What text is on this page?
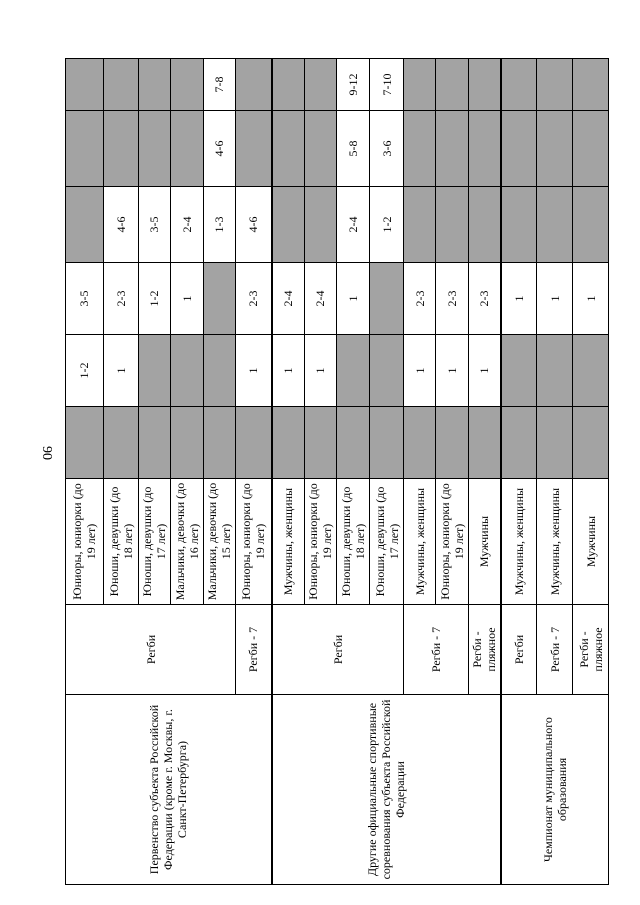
90
Первенство субъекта Российской Федерации (кроме г. Москвы, г. Санкт-Петербурга)	Регби	Юниоры, юниорки (до 19 лет)		1-2	3-5			
		Юноши, девушки (до 18 лет)		1	2-3	4-6		
		Юноши, девушки (до 17 лет)			1-2	3-5		
		Мальчики, девочки (до 16 лет)			1	2-4		
		Мальчики, девочки (до 15 лет)				1-3	4-6	7-8
	Регби - 7	Юниоры, юниорки (до 19 лет)		1	2-3	4-6		
Другие официальные спортивные соревнования субъекта Российской Федерации	Регби	Мужчины, женщины		1	2-4			
		Юниоры, юниорки (до 19 лет)		1	2-4			
		Юноши, девушки (до 18 лет)			1	2-4	5-8	9-12
		Юноши, девушки (до 17 лет)				1-2	3-6	7-10
	Регби - 7	Мужчины, женщины		1	2-3			
		Юниоры, юниорки (до 19 лет)		1	2-3			
	Регби - пляжное	Мужчины		1	2-3			
Чемпионат муниципального образования	Регби	Мужчины, женщины			1			
	Регби - 7	Мужчины, женщины			1			
	Регби - пляжное	Мужчины			1			
